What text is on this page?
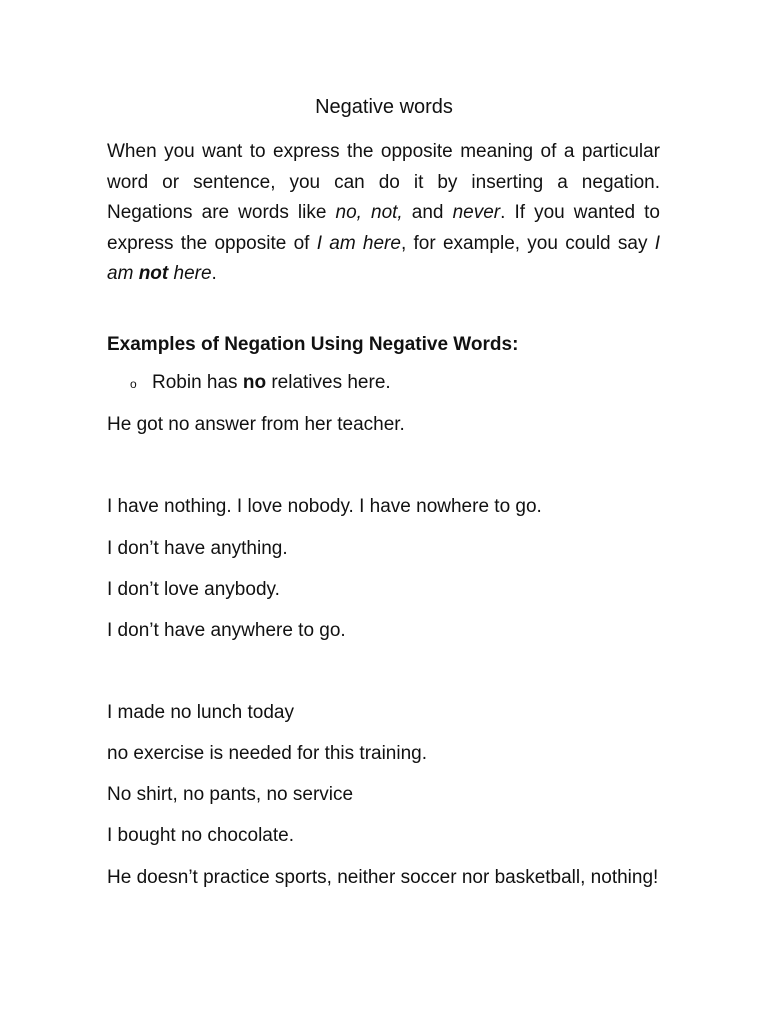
Negative words

When you want to express the opposite meaning of a particular word or sentence, you can do it by inserting a negation. Negations are words like no, not, and never. If you wanted to express the opposite of I am here, for example, you could say I am not here.

Examples of Negation Using Negative Words:

o Robin has no relatives here.

He got no answer from her teacher.

I have nothing. I love nobody. I have nowhere to go.

I don’t have anything.

I don’t love anybody.

I don’t have anywhere to go.

I made no lunch today

no exercise is needed for this training.

No shirt, no pants, no service

I bought no chocolate.

He doesn’t practice sports, neither soccer nor basketball, nothing!
